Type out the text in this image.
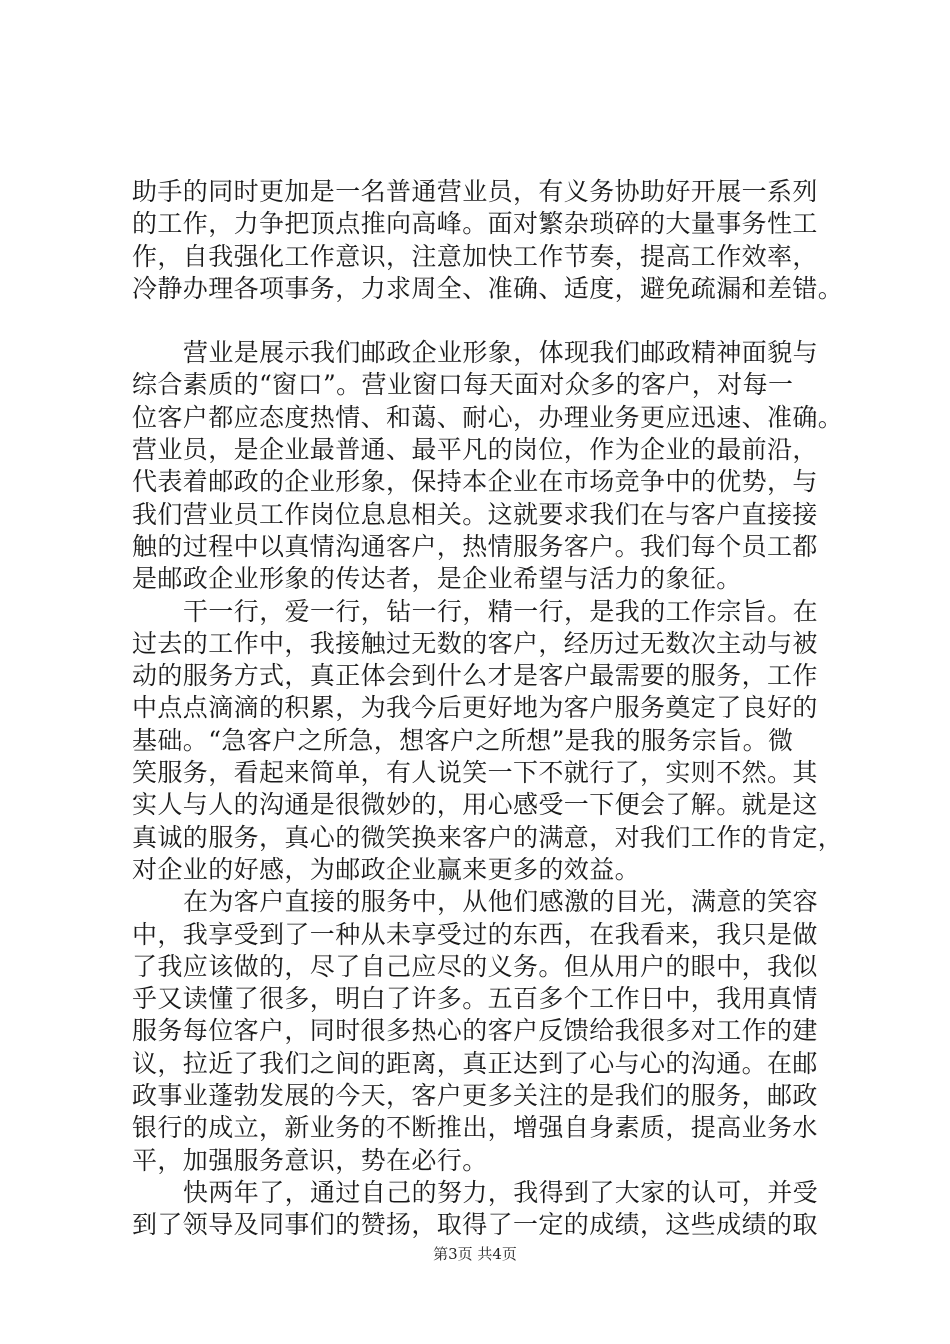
助手的同时更加是一名普通营业员，有义务协助好开展一系列
的工作，力争把顶点推向高峰。面对繁杂琐碎的大量事务性工
作，自我强化工作意识，注意加快工作节奏，提高工作效率，
冷静办理各项事务，力求周全、准确、适度，避免疏漏和差错。
营业是展示我们邮政企业形象，体现我们邮政精神面貌与
综合素质的“窗口”。营业窗口每天面对众多的客户，对每一
位客户都应态度热情、和蔼、耐心，办理业务更应迅速、准确。
营业员，是企业最普通、最平凡的岗位，作为企业的最前沿，
代表着邮政的企业形象，保持本企业在市场竞争中的优势，与
我们营业员工作岗位息息相关。这就要求我们在与客户直接接
触的过程中以真情沟通客户，热情服务客户。我们每个员工都
是邮政企业形象的传达者，是企业希望与活力的象征。
干一行，爱一行，钻一行，精一行，是我的工作宗旨。在
过去的工作中，我接触过无数的客户，经历过无数次主动与被
动的服务方式，真正体会到什么才是客户最需要的服务，工作
中点点滴滴的积累，为我今后更好地为客户服务奠定了良好的
基础。“急客户之所急，想客户之所想”是我的服务宗旨。微
笑服务，看起来简单，有人说笑一下不就行了，实则不然。其
实人与人的沟通是很微妙的，用心感受一下便会了解。就是这
真诚的服务，真心的微笑换来客户的满意，对我们工作的肯定，
对企业的好感，为邮政企业赢来更多的效益。
在为客户直接的服务中，从他们感激的目光，满意的笑容
中，我享受到了一种从未享受过的东西，在我看来，我只是做
了我应该做的，尽了自己应尽的义务。但从用户的眼中，我似
乎又读懂了很多，明白了许多。五百多个工作日中，我用真情
服务每位客户，同时很多热心的客户反馈给我很多对工作的建
议，拉近了我们之间的距离，真正达到了心与心的沟通。在邮
政事业蓬勃发展的今天，客户更多关注的是我们的服务，邮政
银行的成立，新业务的不断推出，增强自身素质，提高业务水
平，加强服务意识，势在必行。
快两年了，通过自己的努力，我得到了大家的认可，并受
到了领导及同事们的赞扬，取得了一定的成绩，这些成绩的取
第3页 共4页
